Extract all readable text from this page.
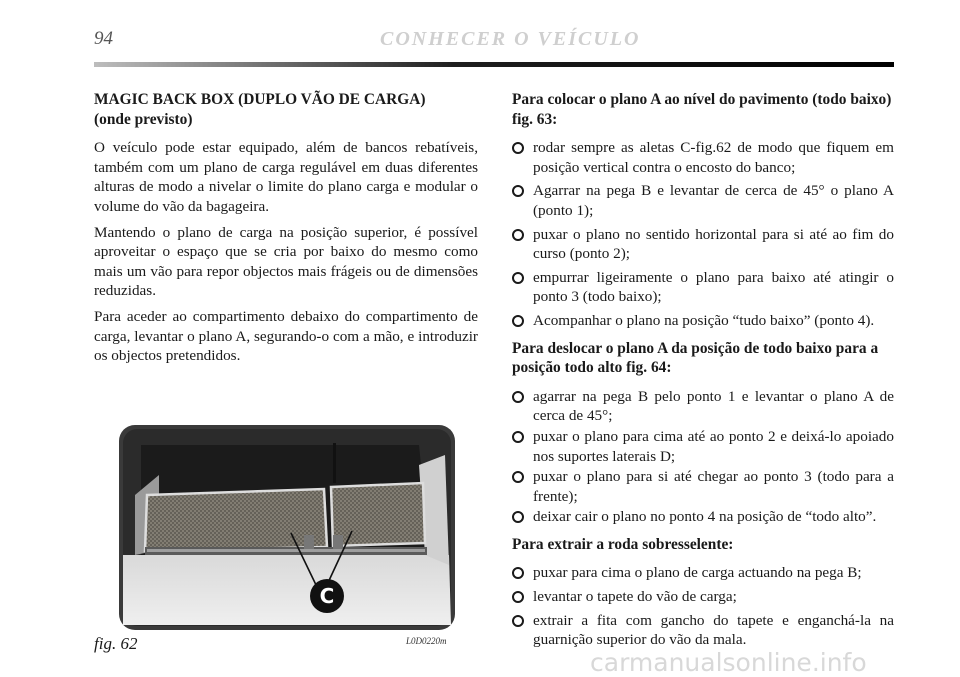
94	CONHECER O VEÍCULO
MAGIC BACK BOX (DUPLO VÃO DE CARGA)
(onde previsto)

O veículo pode estar equipado, além de bancos rebatíveis, também com um plano de carga regulável em duas diferentes alturas de modo a nivelar o limite do plano carga e modular o volume do vão da bagageira.

Mantendo o plano de carga na posição superior, é possível aproveitar o espaço que se cria por baixo do mesmo como mais um vão para repor objectos mais frágeis ou de dimensões reduzidas.

Para aceder ao compartimento debaixo do compartimento de carga, levantar o plano A, segurando-o com a mão, e introduzir os objectos pretendidos.

C
fig. 62	L0D0220m
Para colocar o plano A ao nível do pavimento (todo baixo) fig. 63:
rodar sempre as aletas C-fig.62 de modo que fiquem em posição vertical contra o encosto do banco;
Agarrar na pega B e levantar de cerca de 45° o plano A (ponto 1);
puxar o plano no sentido horizontal para si até ao fim do curso (ponto 2);
empurrar ligeiramente o plano para baixo até atingir o ponto 3 (todo baixo);
Acompanhar o plano na posição “tudo baixo” (ponto 4).
Para deslocar o plano A da posição de todo baixo para a posição todo alto fig. 64:
agarrar na pega B pelo ponto 1 e levantar o plano A de cerca de 45°;
puxar o plano para cima até ao ponto 2 e deixá-lo apoiado nos suportes laterais D;
puxar o plano para si até chegar ao ponto 3 (todo para a frente);
deixar cair o plano no ponto 4 na posição de “todo alto”.
Para extrair a roda sobresselente:
puxar para cima o plano de carga actuando na pega B;
levantar o tapete do vão de carga;
extrair a fita com gancho do tapete e enganchá-la na guarnição superior do vão da mala.
carmanualsonline.info
